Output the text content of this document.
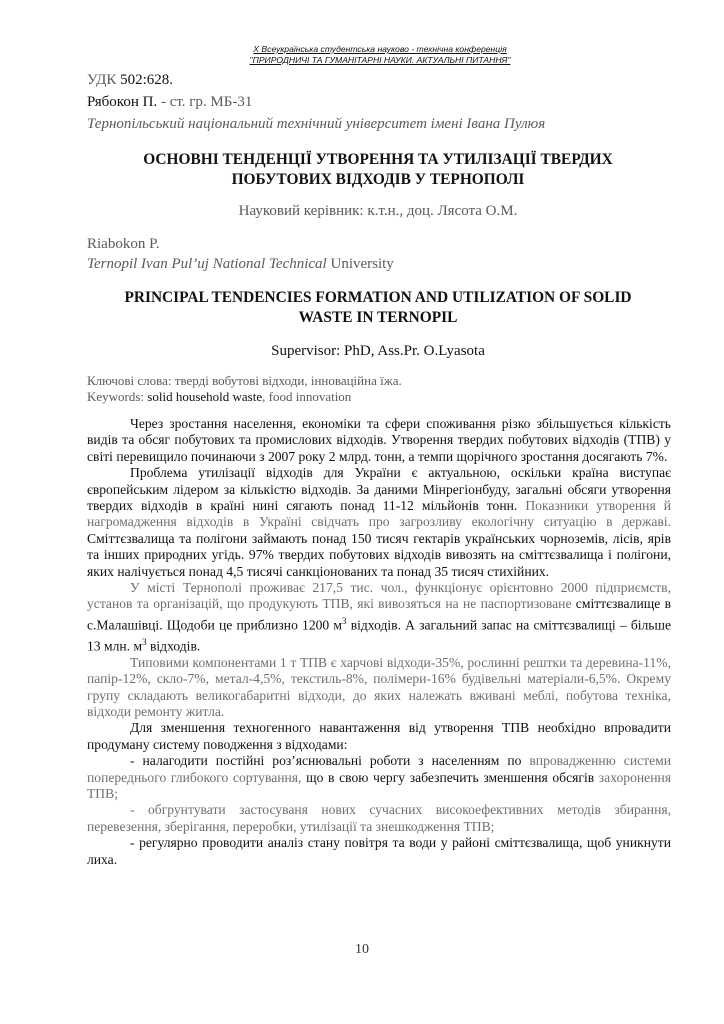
X Всеукраїнська студентська науково - технічна конференція
"ПРИРОДНИЧІ ТА ГУМАНІТАРНІ НАУКИ. АКТУАЛЬНІ ПИТАННЯ"
УДК 502:628.
Рябокон П. - ст. гр. МБ-31
Тернопільський національний технічний університет імені Івана Пулюя
ОСНОВНІ ТЕНДЕНЦІЇ УТВОРЕННЯ ТА УТИЛІЗАЦІЇ ТВЕРДИХ
ПОБУТОВИХ ВІДХОДІВ У ТЕРНОПОЛІ
Науковий керівник: к.т.н., доц. Лясота О.М.
Riabokon P.
Ternopil Ivan Pul’uj National Technical University
PRINCIPAL TENDENCIES FORMATION AND UTILIZATION OF SOLID
WASTE IN TERNOPIL
Supervisor: PhD, Ass.Pr. O.Lyasota
Ключові слова: тверді вобутові відходи, інноваційна їжа.
Keywords: solid household waste, food innovation

Через зростання населення, економіки та сфери споживання різко збільшується кількість видів та обсяг побутових та промислових відходів. Утворення твердих побутових відходів (ТПВ) у світі перевищило починаючи з 2007 року 2 млрд. тонн, а темпи щорічного зростання досягають 7%.

Проблема утилізації відходів для України є актуальною, оскільки країна виступає європейським лідером за кількістю відходів. За даними Мінрегіонбуду, загальні обсяги утворення твердих відходів в країні нині сягають понад 11-12 мільйонів тонн. Показники утворення й нагромадження відходів в Україні свідчать про загрозливу екологічну ситуацію в державі. Сміттєзвалища та полігони займають понад 150 тисяч гектарів українських чорноземів, лісів, ярів та інших природних угідь. 97% твердих побутових відходів вивозять на сміттєзвалища і полігони, яких налічується понад 4,5 тисячі санкціонованих та понад 35 тисяч стихійних.

У місті Тернополі проживає 217,5 тис. чол., функціонує орієнтовно 2000 підприємств, установ та організацій, що продукують ТПВ, які вивозяться на не паспортизоване сміттєзвалище в с.Малашівці. Щодоби це приблизно 1200 $м^3$ відходів. А загальний запас на сміттєзвалищі – більше 13 млн. $м^3$ відходів.

Типовими компонентами 1 т ТПВ є харчові відходи-35%, рослинні рештки та деревина-11%, папір-12%, скло-7%, метал-4,5%, текстиль-8%, полімери-16% будівельні матеріали-6,5%. Окрему групу складають великогабаритні відходи, до яких належать вживані меблі, побутова техніка, відходи ремонту житла.

Для зменшення техногенного навантаження від утворення ТПВ необхідно впровадити продуману систему поводження з відходами:

- налагодити постійні роз’яснювальні роботи з населенням по впровадженню системи попереднього глибокого сортування, що в свою чергу забезпечить зменшення обсягів захоронення ТПВ;

- обгрунтувати застосуваня нових сучасних високоефективних методів збирання, перевезення, зберігання, переробки, утилізації та знешкодження ТПВ;

- регулярно проводити аналіз стану повітря та води у районі сміттєзвалища, щоб уникнути лиха.

10
